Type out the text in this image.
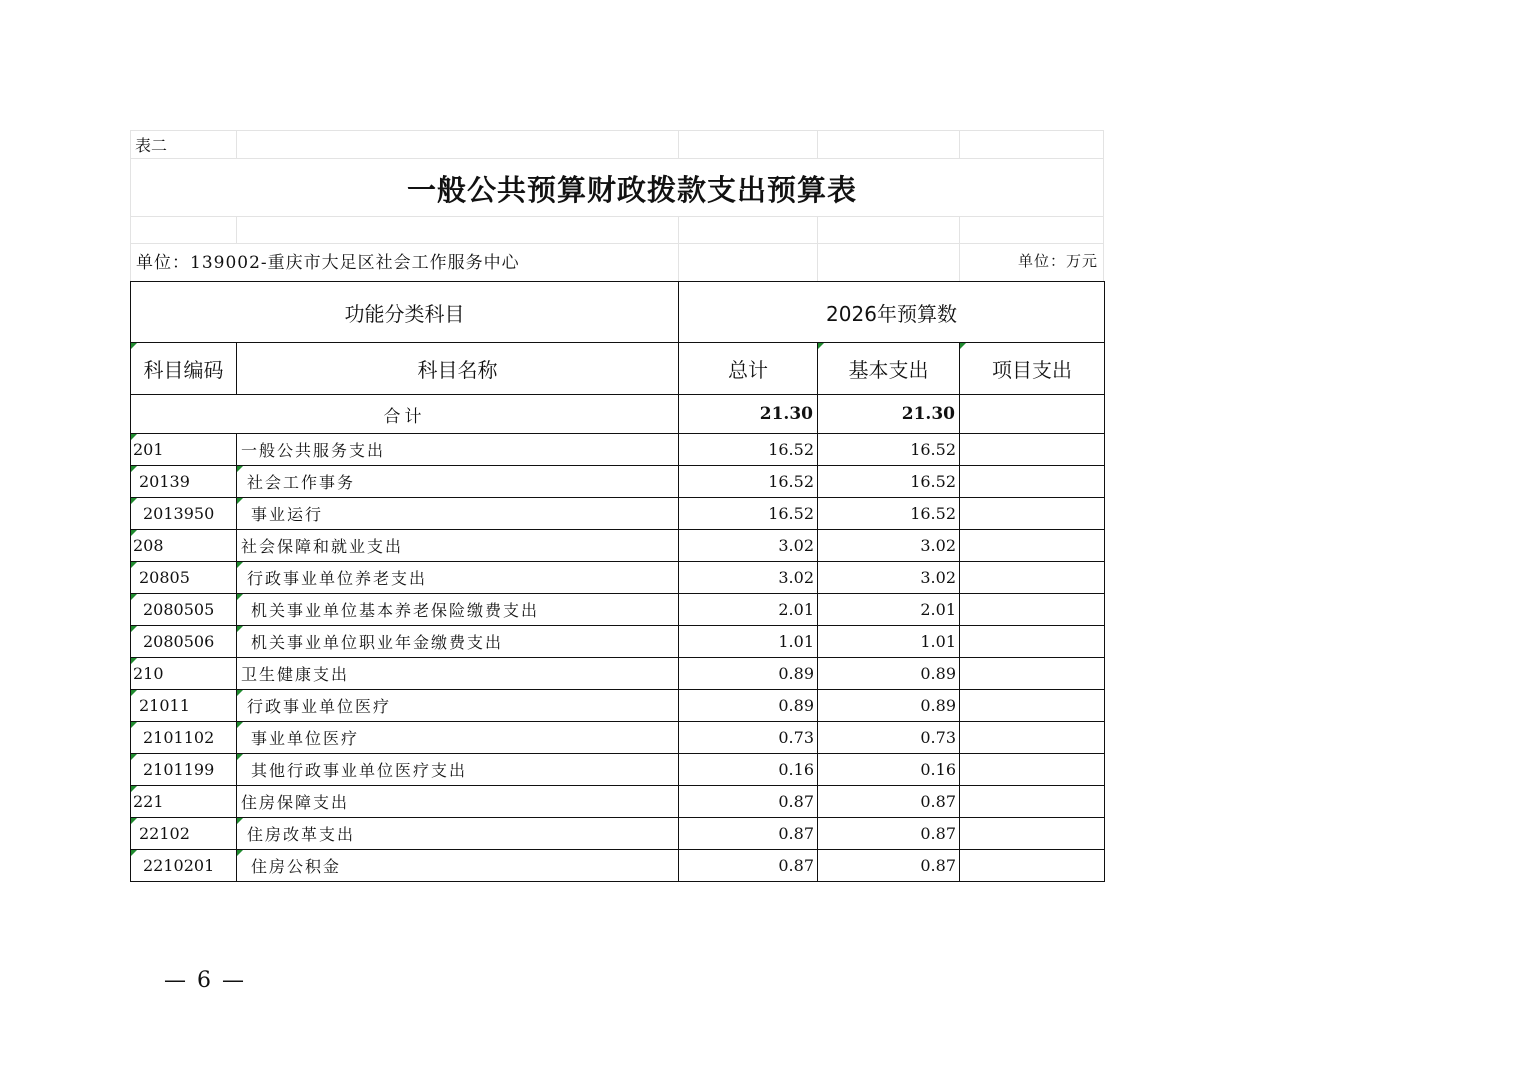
表二
一般公共预算财政拨款支出预算表
单位：139002-重庆市大足区社会工作服务中心	单位：万元
功能分类科目		2026年预算数		

科目编码	科目名称	总计	基本支出	项目支出
合计		21.30	21.30	

201	一般公共服务支出	16.52	16.52	

20139	社会工作事务	16.52	16.52	

2013950	事业运行	16.52	16.52	

208	社会保障和就业支出	3.02	3.02	

20805	行政事业单位养老支出	3.02	3.02	

2080505	机关事业单位基本养老保险缴费支出	2.01	2.01	

2080506	机关事业单位职业年金缴费支出	1.01	1.01	

210	卫生健康支出	0.89	0.89	

21011	行政事业单位医疗	0.89	0.89	

2101102	事业单位医疗	0.73	0.73	

2101199	其他行政事业单位医疗支出	0.16	0.16	

221	住房保障支出	0.87	0.87	

22102	住房改革支出	0.87	0.87	

2210201	住房公积金	0.87	0.87	
— 6 —
